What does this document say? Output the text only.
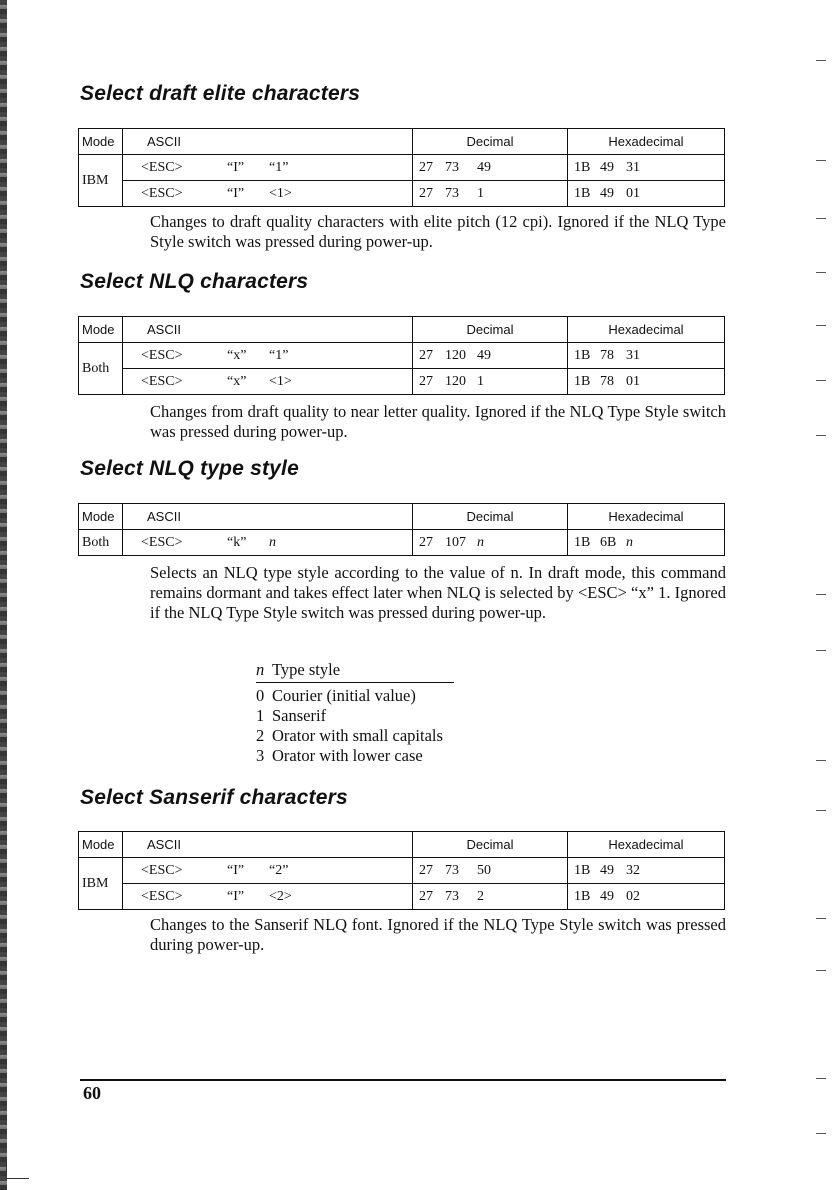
Select draft elite characters
Mode	ASCII	Decimal	Hexadecimal
IBM	<ESC> “I” “1”	27 73 49	1B 49 31
	<ESC> “I” <1>	27 73 1	1B 49 01

Changes to draft quality characters with elite pitch (12 cpi). Ignored if the NLQ Type Style switch was pressed during power-up.

Select NLQ characters
Mode	ASCII	Decimal	Hexadecimal
Both	<ESC> “x” “1”	27 120 49	1B 78 31
	<ESC> “x” <1>	27 120 1	1B 78 01

Changes from draft quality to near letter quality. Ignored if the NLQ Type Style switch was pressed during power-up.

Select NLQ type style
Mode	ASCII	Decimal	Hexadecimal
Both	<ESC> “k” n	27 107 n	1B 6B n

Selects an NLQ type style according to the value of n. In draft mode, this command remains dormant and takes effect later when NLQ is selected by <ESC> “x” 1. Ignored if the NLQ Type Style switch was pressed during power-up.

n Type style
0 Courier (initial value)
1 Sanserif
2 Orator with small capitals
3 Orator with lower case
Select Sanserif characters
Mode	ASCII	Decimal	Hexadecimal
IBM	<ESC> “I” “2”	27 73 50	1B 49 32
	<ESC> “I” <2>	27 73 2	1B 49 02

Changes to the Sanserif NLQ font. Ignored if the NLQ Type Style switch was pressed during power-up.

60
